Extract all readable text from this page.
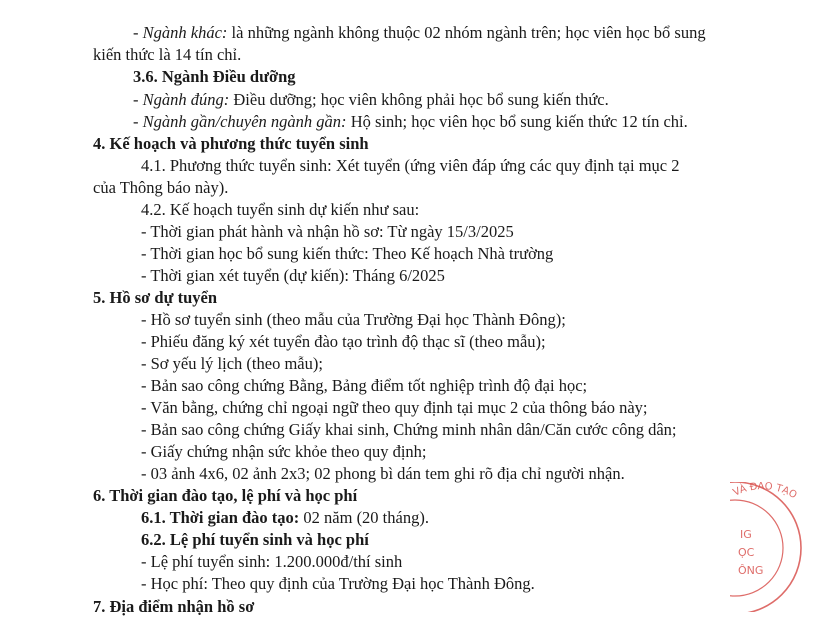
- Ngành khác: là những ngành không thuộc 02 nhóm ngành trên; học viên học bổ sung
kiến thức là 14 tín chỉ.
3.6. Ngành Điều dưỡng
- Ngành đúng: Điều dưỡng; học viên không phải học bổ sung kiến thức.
- Ngành gần/chuyên ngành gần: Hộ sinh; học viên học bổ sung kiến thức 12 tín chỉ.
4. Kế hoạch và phương thức tuyển sinh
4.1. Phương thức tuyển sinh: Xét tuyển (ứng viên đáp ứng các quy định tại mục 2
của Thông báo này).
4.2. Kế hoạch tuyển sinh dự kiến như sau:
- Thời gian phát hành và nhận hồ sơ: Từ ngày 15/3/2025
- Thời gian học bổ sung kiến thức: Theo Kế hoạch Nhà trường
- Thời gian xét tuyển (dự kiến): Tháng 6/2025
5. Hồ sơ dự tuyển
- Hồ sơ tuyển sinh (theo mẫu của Trường Đại học Thành Đông);
- Phiếu đăng ký xét tuyển đào tạo trình độ thạc sĩ (theo mẫu);
- Sơ yếu lý lịch (theo mẫu);
- Bản sao công chứng Bằng, Bảng điểm tốt nghiệp trình độ đại học;
- Văn bằng, chứng chỉ ngoại ngữ theo quy định tại mục 2 của thông báo này;
- Bản sao công chứng Giấy khai sinh, Chứng minh nhân dân/Căn cước công dân;
- Giấy chứng nhận sức khỏe theo quy định;
- 03 ảnh 4x6, 02 ảnh 2x3; 02 phong bì dán tem ghi rõ địa chỉ người nhận.
6. Thời gian đào tạo, lệ phí và học phí
6.1. Thời gian đào tạo: 02 năm (20 tháng).
6.2. Lệ phí tuyển sinh và học phí
- Lệ phí tuyển sinh: 1.200.000đ/thí sinh
- Học phí: Theo quy định của Trường Đại học Thành Đông.
7. Địa điểm nhận hồ sơ
VÀ ĐÀO TẠO
IG
ỌC
ÔNG
